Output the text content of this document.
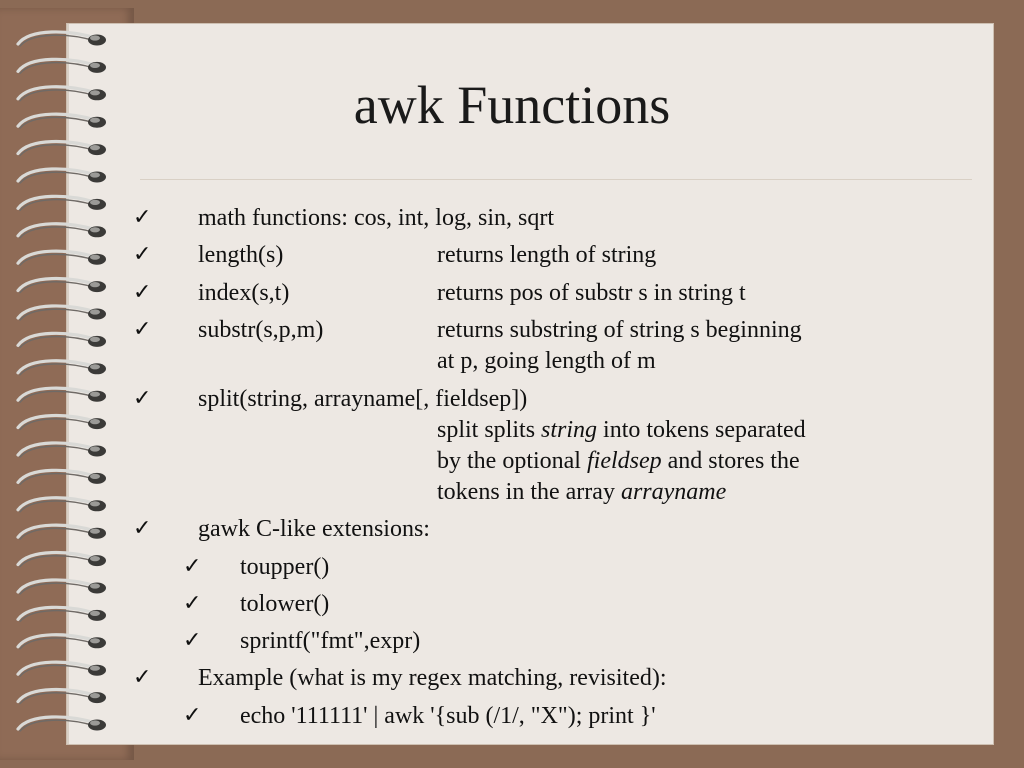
awk Functions
✓ math functions: cos, int, log, sin, sqrt
✓ length(s)	returns length of string
✓ index(s,t)	returns pos of substr s in string t
✓ substr(s,p,m)	returns substring of string s beginning
at p, going length of m
✓ split(string, arrayname[, fieldsep])
split splits string into tokens separated
by the optional fieldsep and stores the
tokens in the array arrayname
✓ gawk C-like extensions:
✓ toupper()
✓ tolower()
✓ sprintf("fmt",expr)
✓ Example (what is my regex matching, revisited):
✓ echo '111111' | awk '{sub (/1/, "X"); print }'
